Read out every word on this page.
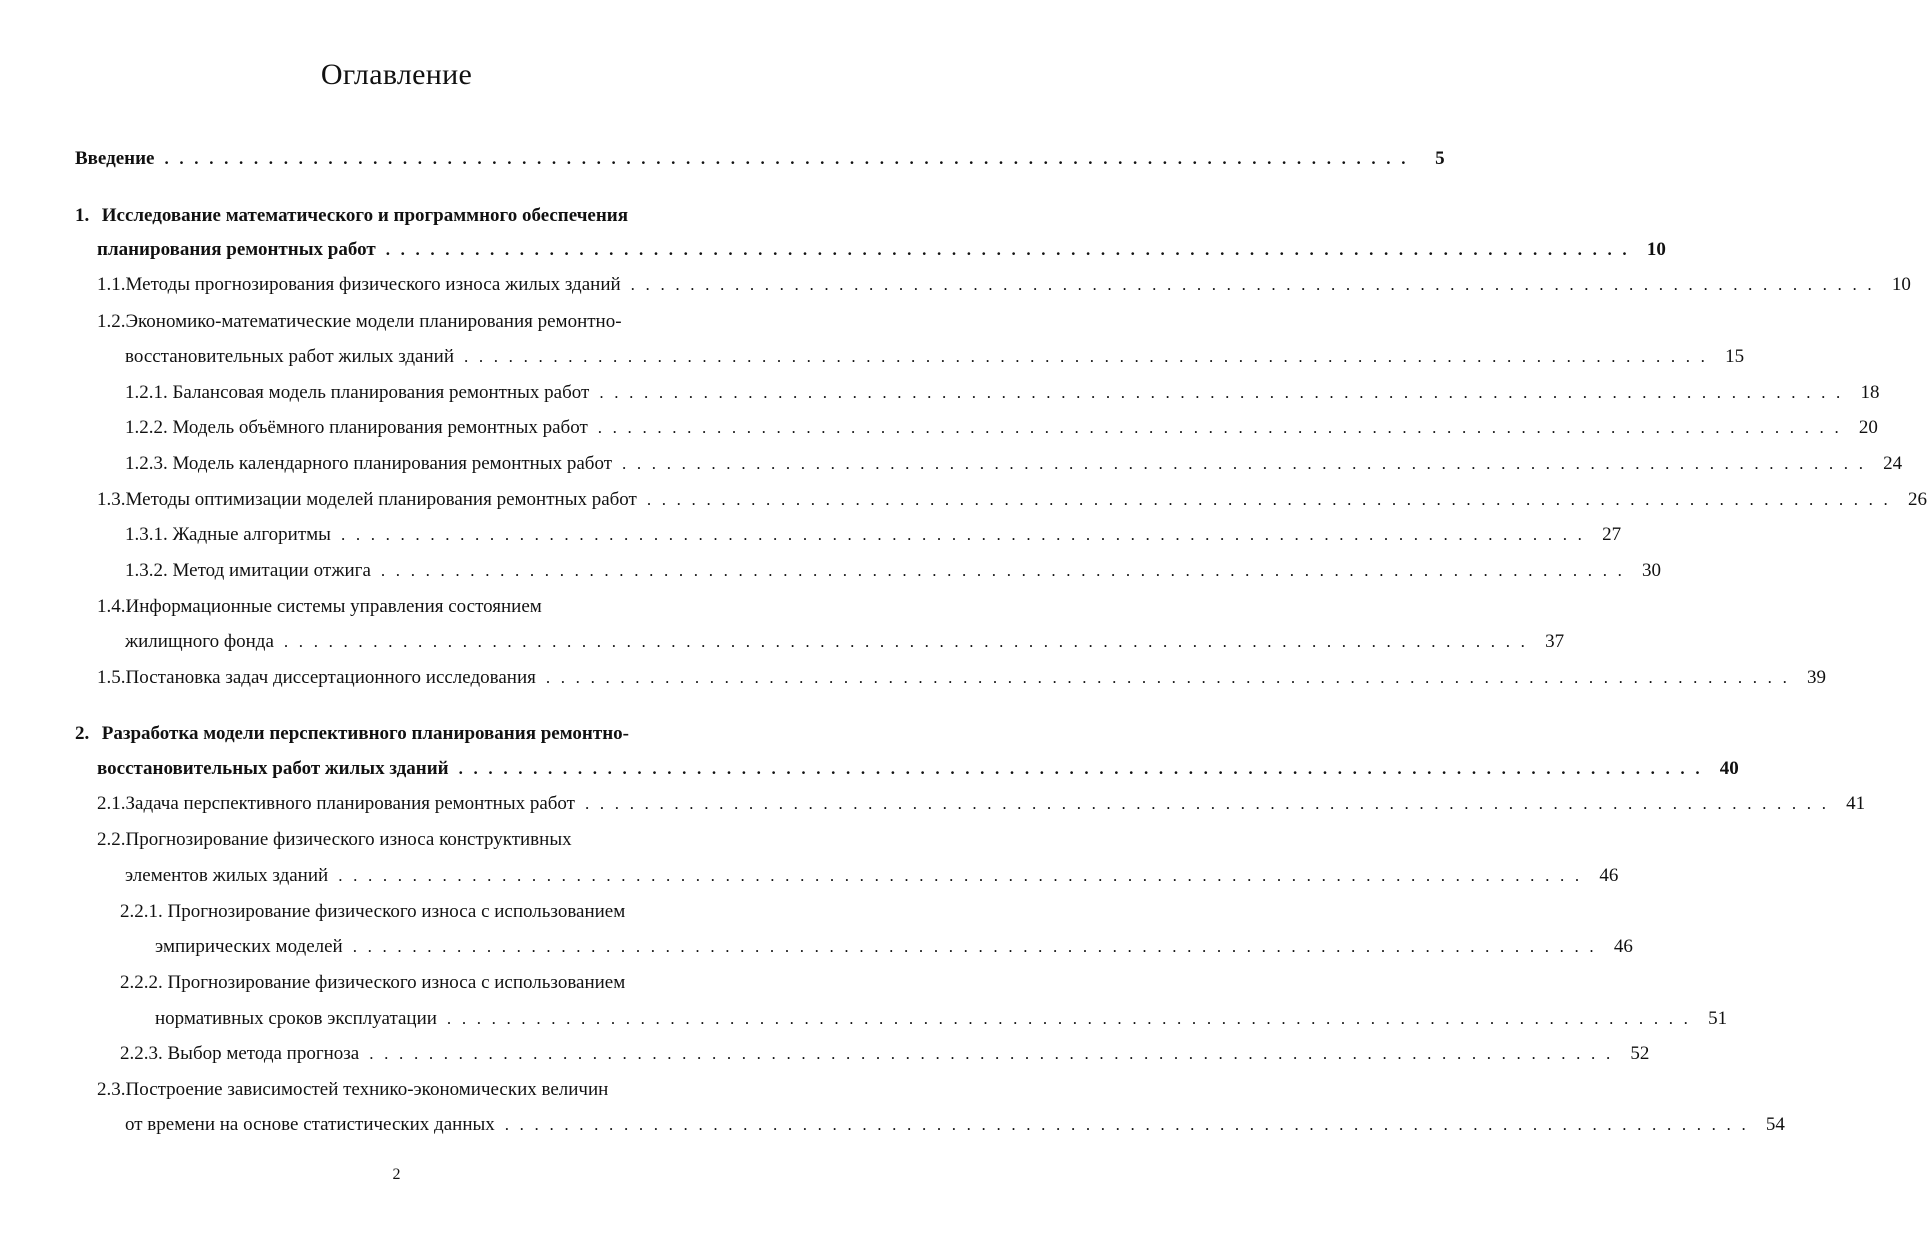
Оглавление
Введение . . . . . . . . . . . . . . . . . . . . . . . . . . . . . . . . . . . . . . . . . . . . . . . . . . . . . . . . . . . . . . . . . . . . . . . . . . . . . . . . . . . .	5
1. Исследование математического и программного обеспечения
планирования ремонтных работ . . . . . . . . . . . . . . . . . . . . . . . . . . . . . . . . . . . . . . . . . . . . . . . . . . . . . . . . . . . . . . . . . . . . . . . . . . . . . . . . . . . . 10
1.1.Методы прогнозирования физического износа жилых зданий . . . . . . . . . . . . . . . . . . . . . . . . . . . . . . . . . . . . . . . . . . . . . . . . . . . . . . . . . . . . . . . . . . . . . . . . . . . . . . . . . . . . 10
1.2.Экономико-математические модели планирования ремонтно-
восстановительных работ жилых зданий . . . . . . . . . . . . . . . . . . . . . . . . . . . . . . . . . . . . . . . . . . . . . . . . . . . . . . . . . . . . . . . . . . . . . . . . . . . . . . . . . . . . 15
1.2.1. Балансовая модель планирования ремонтных работ . . . . . . . . . . . . . . . . . . . . . . . . . . . . . . . . . . . . . . . . . . . . . . . . . . . . . . . . . . . . . . . . . . . . . . . . . . . . . . . . . . . . 18
1.2.2. Модель объёмного планирования ремонтных работ . . . . . . . . . . . . . . . . . . . . . . . . . . . . . . . . . . . . . . . . . . . . . . . . . . . . . . . . . . . . . . . . . . . . . . . . . . . . . . . . . . . . 20
1.2.3. Модель календарного планирования ремонтных работ . . . . . . . . . . . . . . . . . . . . . . . . . . . . . . . . . . . . . . . . . . . . . . . . . . . . . . . . . . . . . . . . . . . . . . . . . . . . . . . . . . . . 24
1.3.Методы оптимизации моделей планирования ремонтных работ . . . . . . . . . . . . . . . . . . . . . . . . . . . . . . . . . . . . . . . . . . . . . . . . . . . . . . . . . . . . . . . . . . . . . . . . . . . . . . . . . . . . 26
1.3.1. Жадные алгоритмы . . . . . . . . . . . . . . . . . . . . . . . . . . . . . . . . . . . . . . . . . . . . . . . . . . . . . . . . . . . . . . . . . . . . . . . . . . . . . . . . . . . . 27
1.3.2. Метод имитации отжига . . . . . . . . . . . . . . . . . . . . . . . . . . . . . . . . . . . . . . . . . . . . . . . . . . . . . . . . . . . . . . . . . . . . . . . . . . . . . . . . . . . . 30
1.4.Информационные системы управления состоянием
жилищного фонда . . . . . . . . . . . . . . . . . . . . . . . . . . . . . . . . . . . . . . . . . . . . . . . . . . . . . . . . . . . . . . . . . . . . . . . . . . . . . . . . . . . . 37
1.5.Постановка задач диссертационного исследования . . . . . . . . . . . . . . . . . . . . . . . . . . . . . . . . . . . . . . . . . . . . . . . . . . . . . . . . . . . . . . . . . . . . . . . . . . . . . . . . . . . . 39
2. Разработка модели перспективного планирования ремонтно-
восстановительных работ жилых зданий . . . . . . . . . . . . . . . . . . . . . . . . . . . . . . . . . . . . . . . . . . . . . . . . . . . . . . . . . . . . . . . . . . . . . . . . . . . . . . . . . . . . 40
2.1.Задача перспективного планирования ремонтных работ . . . . . . . . . . . . . . . . . . . . . . . . . . . . . . . . . . . . . . . . . . . . . . . . . . . . . . . . . . . . . . . . . . . . . . . . . . . . . . . . . . . . 41
2.2.Прогнозирование физического износа конструктивных
элементов жилых зданий . . . . . . . . . . . . . . . . . . . . . . . . . . . . . . . . . . . . . . . . . . . . . . . . . . . . . . . . . . . . . . . . . . . . . . . . . . . . . . . . . . . . 46
2.2.1. Прогнозирование физического износа с использованием
эмпирических моделей . . . . . . . . . . . . . . . . . . . . . . . . . . . . . . . . . . . . . . . . . . . . . . . . . . . . . . . . . . . . . . . . . . . . . . . . . . . . . . . . . . . . 46
2.2.2. Прогнозирование физического износа с использованием
нормативных сроков эксплуатации . . . . . . . . . . . . . . . . . . . . . . . . . . . . . . . . . . . . . . . . . . . . . . . . . . . . . . . . . . . . . . . . . . . . . . . . . . . . . . . . . . . . 51
2.2.3. Выбор метода прогноза . . . . . . . . . . . . . . . . . . . . . . . . . . . . . . . . . . . . . . . . . . . . . . . . . . . . . . . . . . . . . . . . . . . . . . . . . . . . . . . . . . . . 52
2.3.Построение зависимостей технико-экономических величин
от времени на основе статистических данных . . . . . . . . . . . . . . . . . . . . . . . . . . . . . . . . . . . . . . . . . . . . . . . . . . . . . . . . . . . . . . . . . . . . . . . . . . . . . . . . . . . . 54
2
